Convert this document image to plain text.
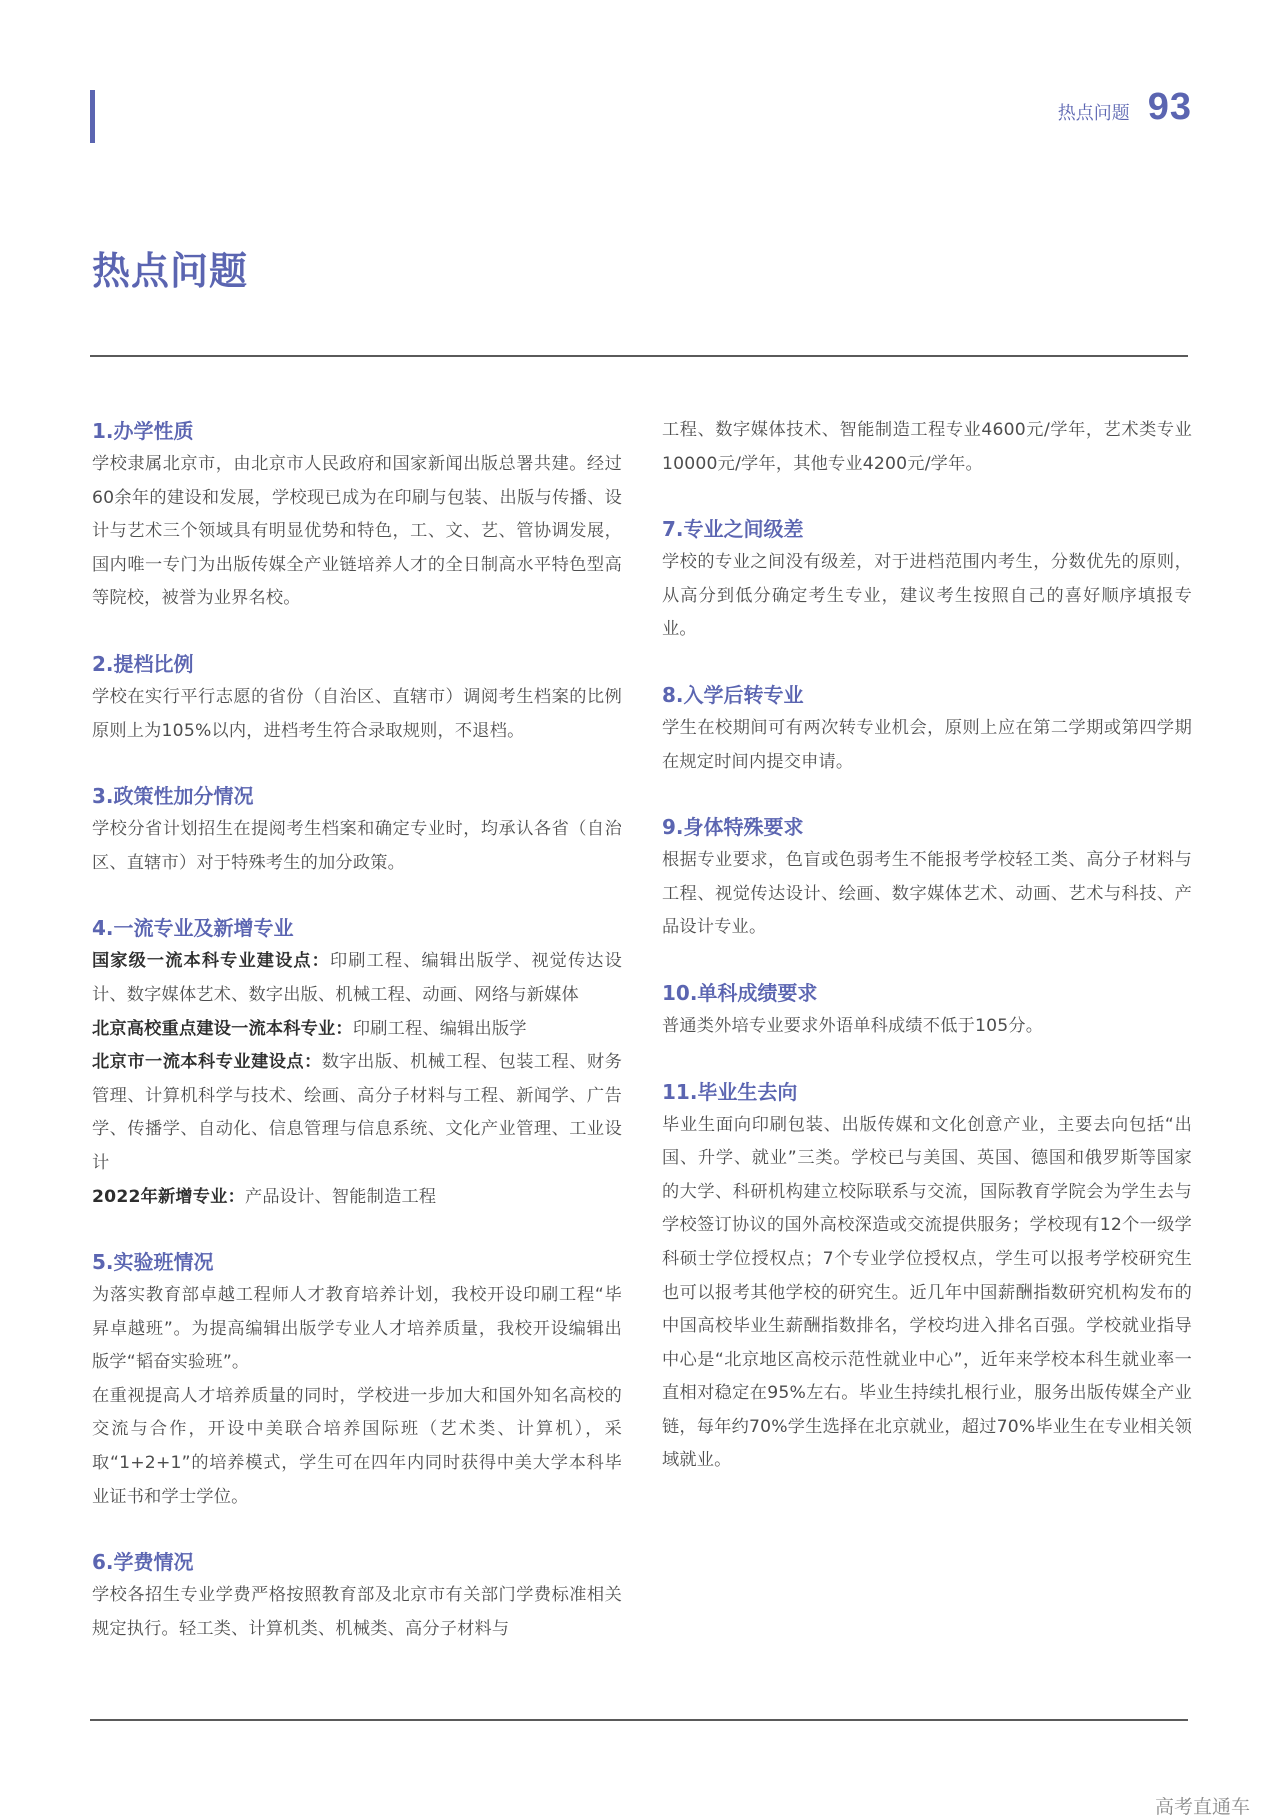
热点问题 93
热点问题
1.办学性质

学校隶属北京市，由北京市人民政府和国家新闻出版总署共建。经过60余年的建设和发展，学校现已成为在印刷与包装、出版与传播、设计与艺术三个领域具有明显优势和特色，工、文、艺、管协调发展，国内唯一专门为出版传媒全产业链培养人才的全日制高水平特色型高等院校，被誉为业界名校。

2.提档比例

学校在实行平行志愿的省份（自治区、直辖市）调阅考生档案的比例原则上为105%以内，进档考生符合录取规则，不退档。

3.政策性加分情况

学校分省计划招生在提阅考生档案和确定专业时，均承认各省（自治区、直辖市）对于特殊考生的加分政策。

4.一流专业及新增专业

国家级一流本科专业建设点：印刷工程、编辑出版学、视觉传达设计、数字媒体艺术、数字出版、机械工程、动画、网络与新媒体

北京高校重点建设一流本科专业：印刷工程、编辑出版学

北京市一流本科专业建设点：数字出版、机械工程、包装工程、财务管理、计算机科学与技术、绘画、高分子材料与工程、新闻学、广告学、传播学、自动化、信息管理与信息系统、文化产业管理、工业设计

2022年新增专业：产品设计、智能制造工程

5.实验班情况

为落实教育部卓越工程师人才教育培养计划，我校开设印刷工程“毕昇卓越班”。为提高编辑出版学专业人才培养质量，我校开设编辑出版学“韬奋实验班”。

在重视提高人才培养质量的同时，学校进一步加大和国外知名高校的交流与合作，开设中美联合培养国际班（艺术类、计算机），采取“1+2+1”的培养模式，学生可在四年内同时获得中美大学本科毕业证书和学士学位。

6.学费情况

学校各招生专业学费严格按照教育部及北京市有关部门学费标准相关规定执行。轻工类、计算机类、机械类、高分子材料与

工程、数字媒体技术、智能制造工程专业4600元/学年，艺术类专业10000元/学年，其他专业4200元/学年。

7.专业之间级差

学校的专业之间没有级差，对于进档范围内考生，分数优先的原则，从高分到低分确定考生专业，建议考生按照自己的喜好顺序填报专业。

8.入学后转专业

学生在校期间可有两次转专业机会，原则上应在第二学期或第四学期在规定时间内提交申请。

9.身体特殊要求

根据专业要求，色盲或色弱考生不能报考学校轻工类、高分子材料与工程、视觉传达设计、绘画、数字媒体艺术、动画、艺术与科技、产品设计专业。

10.单科成绩要求

普通类外培专业要求外语单科成绩不低于105分。

11.毕业生去向

毕业生面向印刷包装、出版传媒和文化创意产业，主要去向包括“出国、升学、就业”三类。学校已与美国、英国、德国和俄罗斯等国家的大学、科研机构建立校际联系与交流，国际教育学院会为学生去与学校签订协议的国外高校深造或交流提供服务；学校现有12个一级学科硕士学位授权点；7个专业学位授权点，学生可以报考学校研究生也可以报考其他学校的研究生。近几年中国薪酬指数研究机构发布的中国高校毕业生薪酬指数排名，学校均进入排名百强。学校就业指导中心是“北京地区高校示范性就业中心”，近年来学校本科生就业率一直相对稳定在95%左右。毕业生持续扎根行业，服务出版传媒全产业链，每年约70%学生选择在北京就业，超过70%毕业生在专业相关领域就业。

高考直通车
